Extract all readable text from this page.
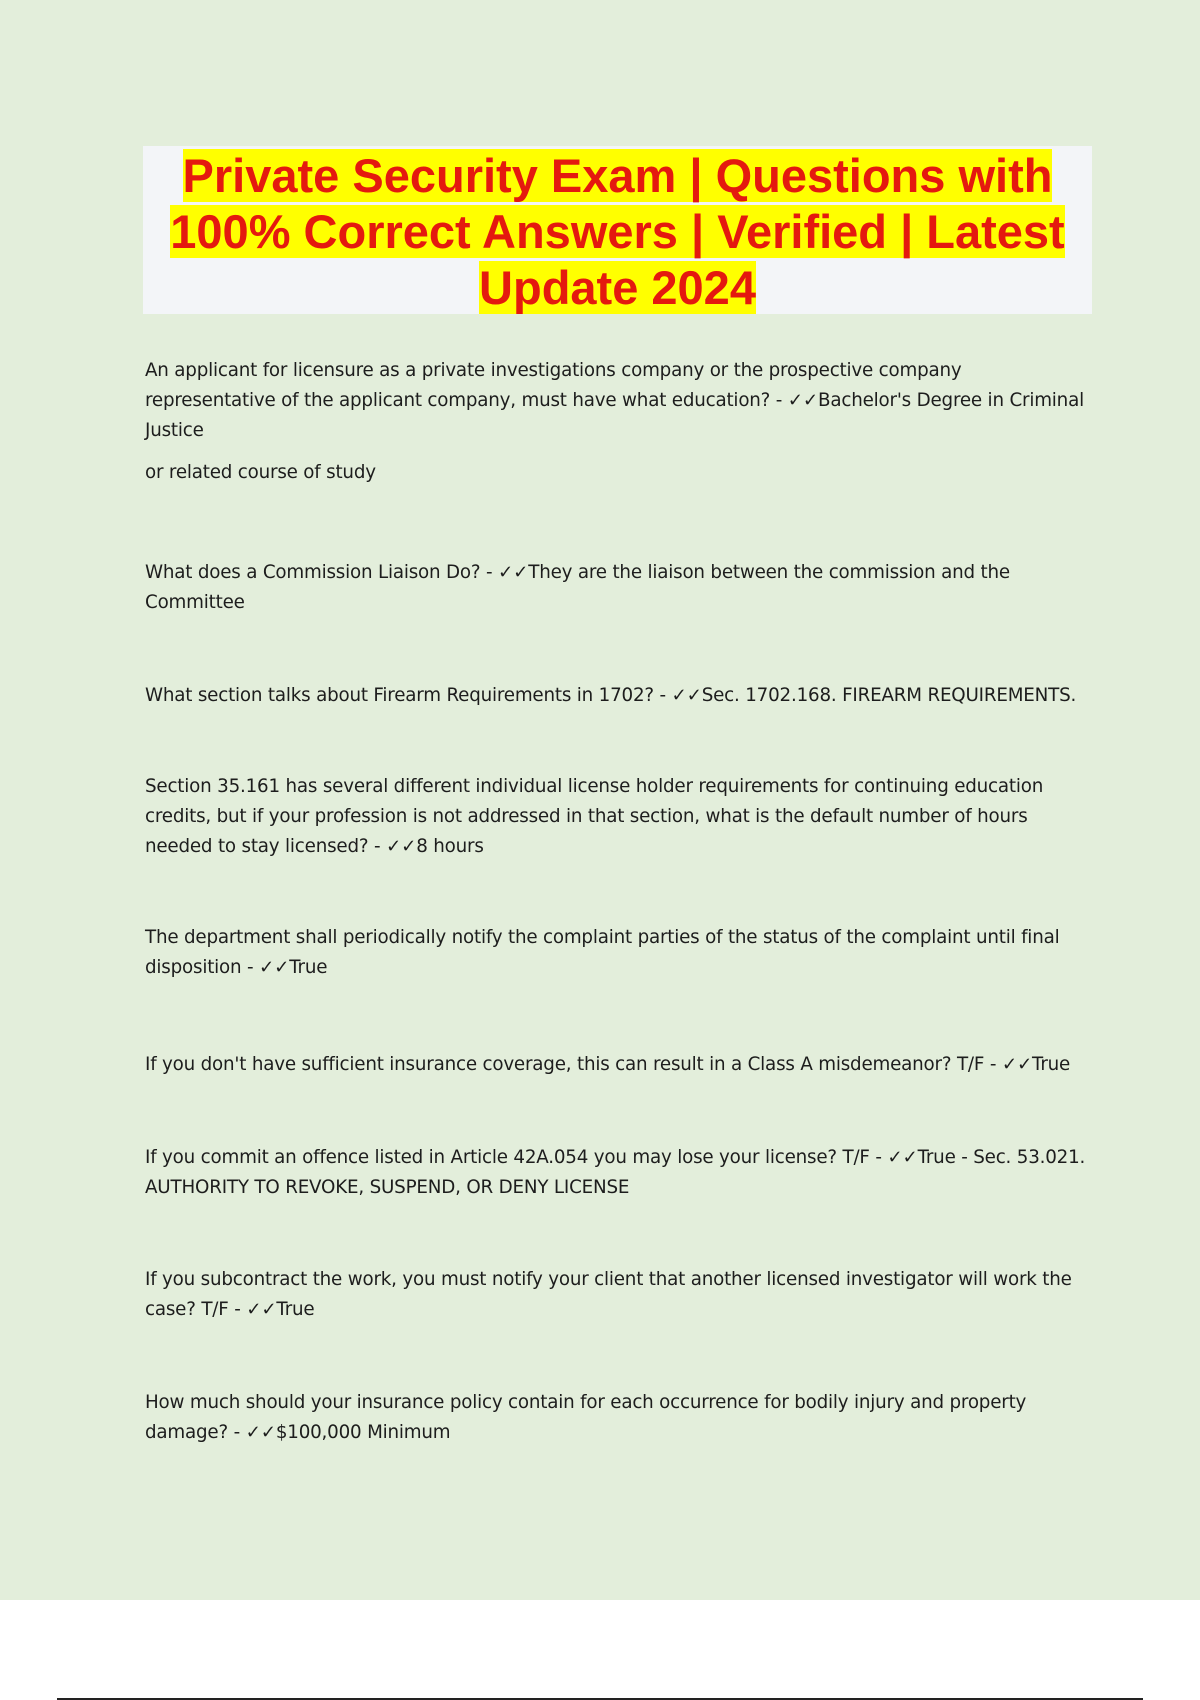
Private Security Exam | Questions with 100% Correct Answers | Verified | Latest Update 2024

An applicant for licensure as a private investigations company or the prospective company representative of the applicant company, must have what education? - ✓✓Bachelor's Degree in Criminal Justice

or related course of study

What does a Commission Liaison Do? - ✓✓They are the liaison between the commission and the Committee

What section talks about Firearm Requirements in 1702? - ✓✓Sec. 1702.168. FIREARM REQUIREMENTS.

Section 35.161 has several different individual license holder requirements for continuing education credits, but if your profession is not addressed in that section, what is the default number of hours needed to stay licensed? - ✓✓8 hours

The department shall periodically notify the complaint parties of the status of the complaint until final disposition - ✓✓True

If you don't have sufficient insurance coverage, this can result in a Class A misdemeanor? T/F - ✓✓True

If you commit an offence listed in Article 42A.054 you may lose your license? T/F - ✓✓True - Sec. 53.021. AUTHORITY TO REVOKE, SUSPEND, OR DENY LICENSE

If you subcontract the work, you must notify your client that another licensed investigator will work the case? T/F - ✓✓True

How much should your insurance policy contain for each occurrence for bodily injury and property damage? - ✓✓$100,000 Minimum
